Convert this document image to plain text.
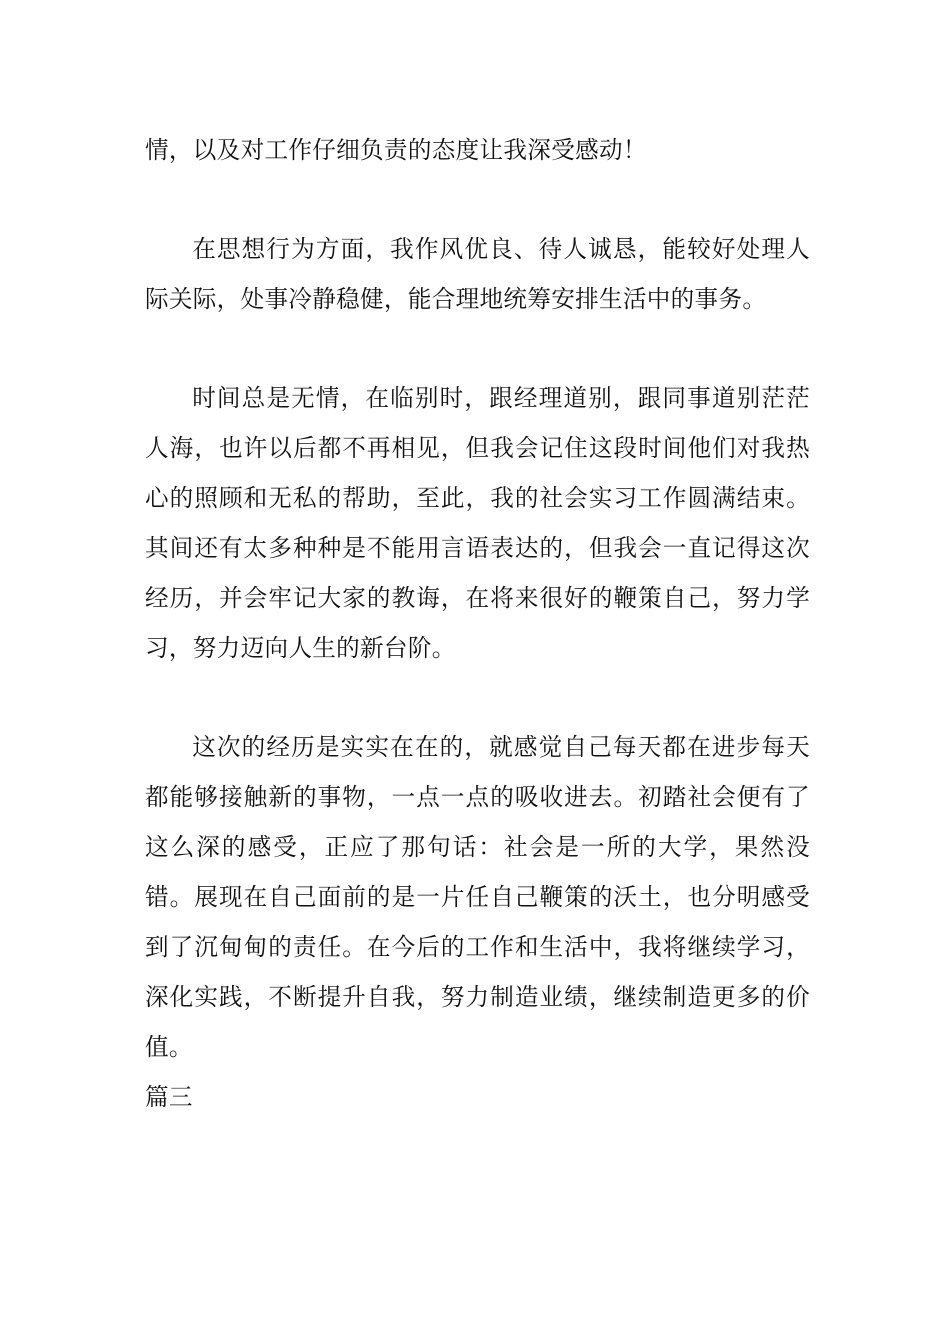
情，以及对工作仔细负责的态度让我深受感动！

在思想行为方面，我作风优良、待人诚恳，能较好处理人际关际，处事冷静稳健，能合理地统筹安排生活中的事务。

时间总是无情，在临别时，跟经理道别，跟同事道别茫茫人海，也许以后都不再相见，但我会记住这段时间他们对我热心的照顾和无私的帮助，至此，我的社会实习工作圆满结束。其间还有太多种种是不能用言语表达的，但我会一直记得这次经历，并会牢记大家的教诲，在将来很好的鞭策自己，努力学习，努力迈向人生的新台阶。

这次的经历是实实在在的，就感觉自己每天都在进步每天都能够接触新的事物，一点一点的吸收进去。初踏社会便有了这么深的感受，正应了那句话：社会是一所的大学，果然没错。展现在自己面前的是一片任自己鞭策的沃土，也分明感受到了沉甸甸的责任。在今后的工作和生活中，我将继续学习，深化实践，不断提升自我，努力制造业绩，继续制造更多的价值。

篇三
